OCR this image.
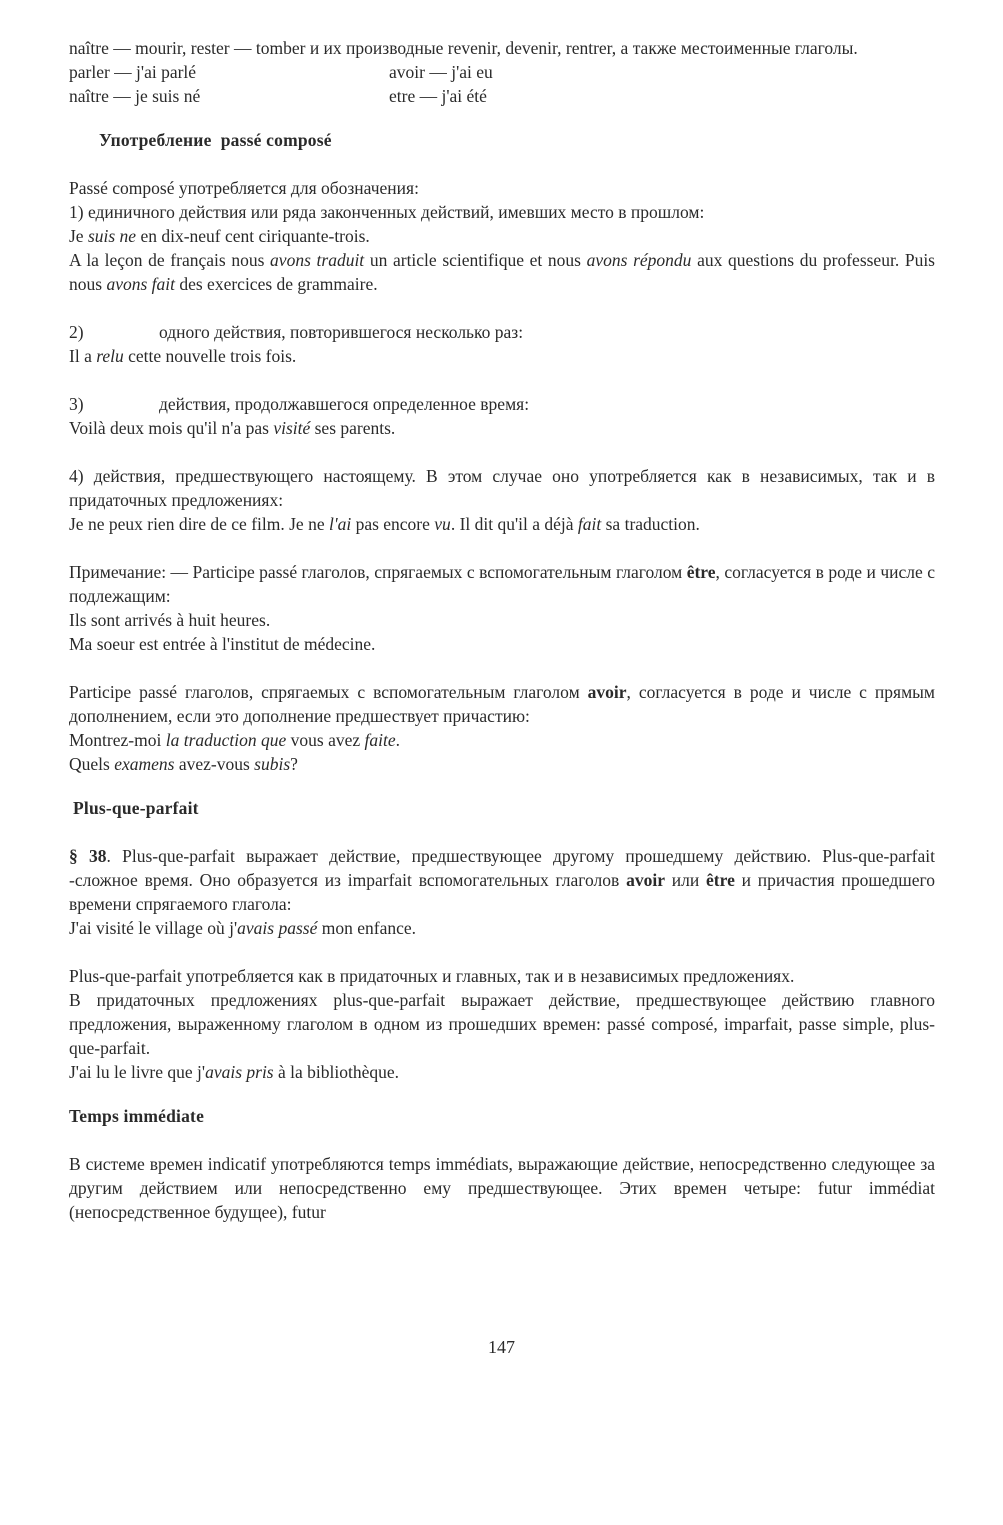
naître — mourir, rester — tomber и их производные revenir, devenir, rentrer, а также местоименные глаголы.

parler — j'ai parlé	avoir — j'ai eu
naître — je suis né	etre — j'ai été

Употребление passé composé

Passé composé употребляется для обозначения:

1) единичного действия или ряда законченных действий, имевших место в прошлом:

Je suis ne en dix-neuf cent ciriquante-trois.

A la leçon de français nous avons traduit un article scientifique et nous avons répondu aux questions du professeur. Puis nous avons fait des exercices de grammaire.

2)	одного действия, повторившегося несколько раз:

Il a relu cette nouvelle trois fois.

3)	действия, продолжавшегося определенное время:

Voilà deux mois qu'il n'a pas visité ses parents.

4) действия, предшествующего настоящему. В этом случае оно употребляется как в независимых, так и в придаточных предложениях:

Je ne peux rien dire de ce film. Je ne l'ai pas encore vu. Il dit qu'il a déjà fait sa traduction.

Примечание: — Participe passé глаголов, спрягаемых с вспомогательным глаголом être, согласуется в роде и числе с подлежащим:

Ils sont arrivés à huit heures.

Ma soeur est entrée à l'institut de médecine.

Participe passé глаголов, спрягаемых с вспомогательным глаголом avoir, согласуется в роде и числе с прямым дополнением, если это дополнение предшествует причастию:

Montrez-moi la traduction que vous avez faite.

Quels examens avez-vous subis?

Plus-que-parfait

§ 38. Plus-que-parfait выражает действие, предшествующее другому прошедшему действию. Plus-que-parfait -сложное время. Оно образуется из imparfait вспомогательных глаголов avoir или être и причастия прошедшего времени спрягаемого глагола:

J'ai visité le village où j'avais passé mon enfance.

Plus-que-parfait употребляется как в придаточных и главных, так и в независимых предложениях.

В придаточных предложениях plus-que-parfait выражает действие, предшествующее действию главного предложения, выраженному глаголом в одном из прошедших времен: passé composé, imparfait, passe simple, plus-que-parfait.

J'ai lu le livre que j'avais pris à la bibliothèque.

Temps immédiate

В системе времен indicatif употребляются temps immédiats, выражающие действие, непосредственно следующее за другим действием или непосредственно ему предшествующее. Этих времен четыре: futur immédiat (непосредственное будущее), futur

147
